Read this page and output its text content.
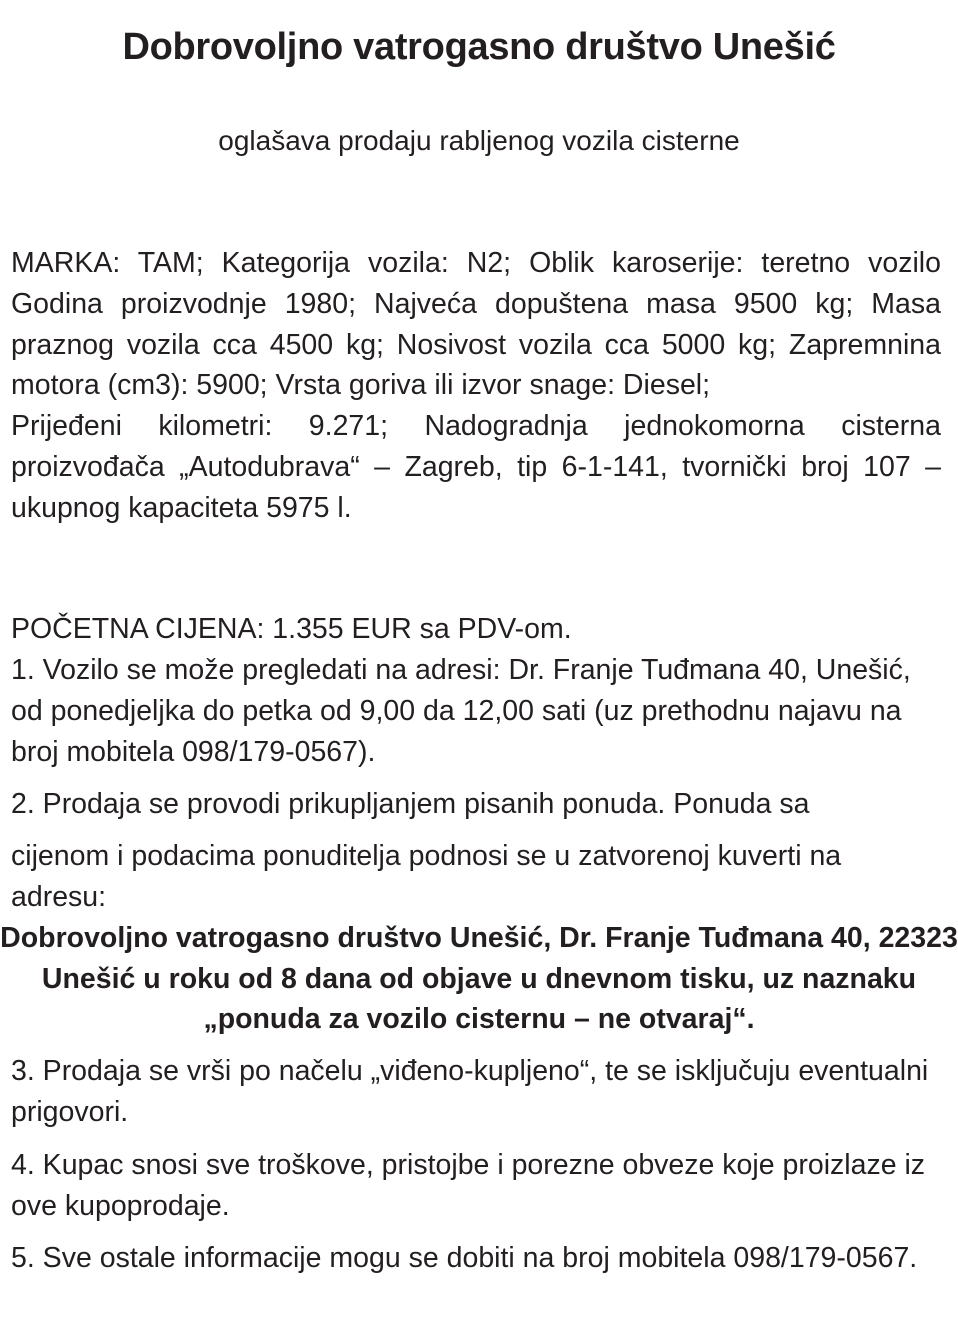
Dobrovoljno vatrogasno društvo Unešić

oglašava prodaju rabljenog vozila cisterne

MARKA: TAM; Kategorija vozila: N2; Oblik karoserije: teretno vozilo Godina proizvodnje 1980; Najveća dopuštena masa 9500 kg; Masa praznog vozila cca 4500 kg; Nosivost vozila cca 5000 kg; Zapremnina motora (cm3): 5900; Vrsta goriva ili izvor snage: Diesel;
Prijeđeni kilometri: 9.271; Nadogradnja jednokomorna cisterna proizvođača „Autodubrava“ – Zagreb, tip 6-1-141, tvornički broj 107 – ukupnog kapaciteta 5975 l.

POČETNA CIJENA: 1.355 EUR sa PDV-om.

1. Vozilo se može pregledati na adresi: Dr. Franje Tuđmana 40, Unešić, od ponedjeljka do petka od 9,00 da 12,00 sati (uz prethodnu najavu na broj mobitela 098/179-0567).

2. Prodaja se provodi prikupljanjem pisanih ponuda. Ponuda sa

cijenom i podacima ponuditelja podnosi se u zatvorenoj kuverti na adresu:

Dobrovoljno vatrogasno društvo Unešić, Dr. Franje Tuđmana 40, 22323 Unešić u roku od 8 dana od objave u dnevnom tisku, uz naznaku „ponuda za vozilo cisternu – ne otvaraj“.

3. Prodaja se vrši po načelu „viđeno-kupljeno“, te se isključuju eventualni prigovori.

4. Kupac snosi sve troškove, pristojbe i porezne obveze koje proizlaze iz ove kupoprodaje.

5. Sve ostale informacije mogu se dobiti na broj mobitela 098/179-0567.
